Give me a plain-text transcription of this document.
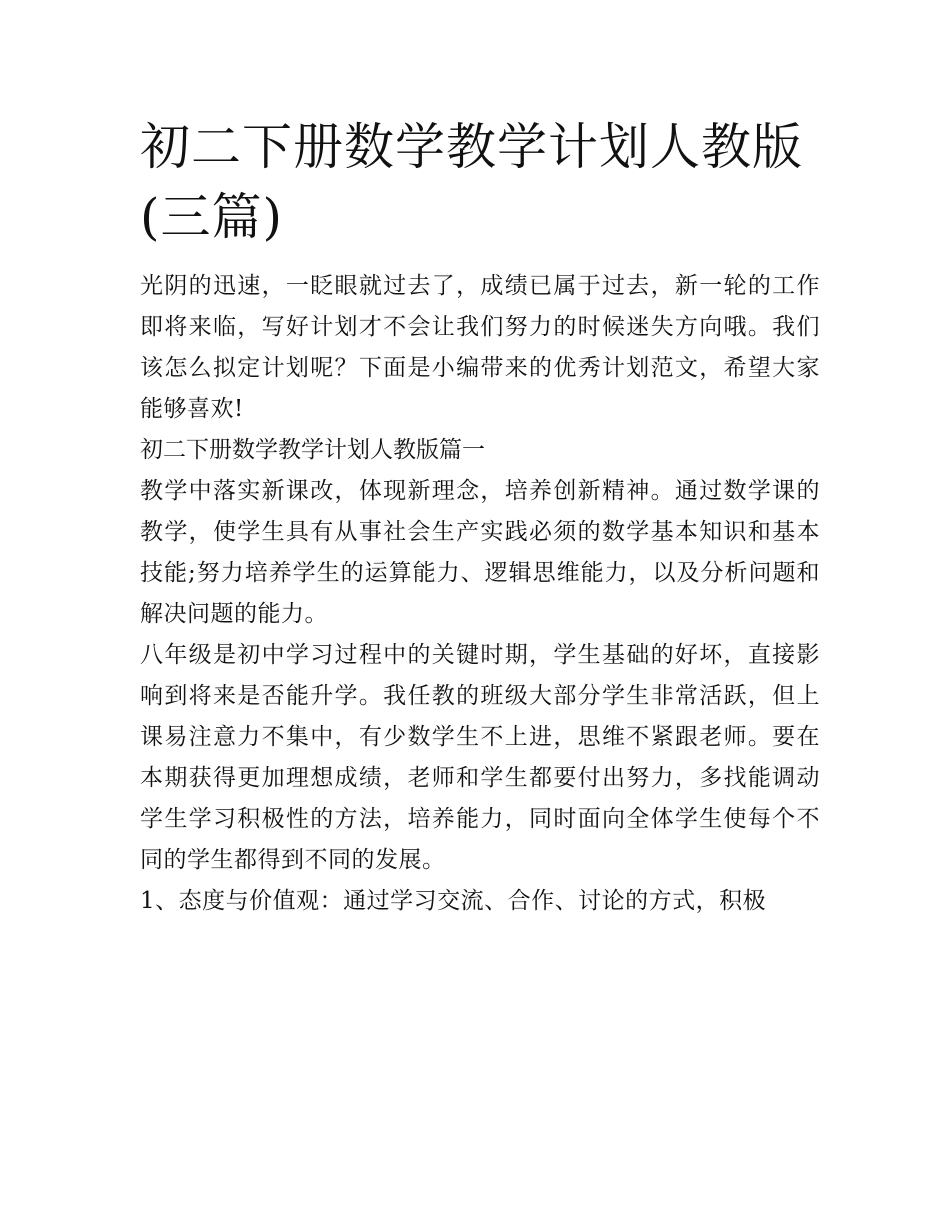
初二下册数学教学计划人教版
(三篇)

光阴的迅速，一眨眼就过去了，成绩已属于过去，新一轮的工作即将来临，写好计划才不会让我们努力的时候迷失方向哦。我们该怎么拟定计划呢？下面是小编带来的优秀计划范文，希望大家能够喜欢!

初二下册数学教学计划人教版篇一

教学中落实新课改，体现新理念，培养创新精神。通过数学课的教学，使学生具有从事社会生产实践必须的数学基本知识和基本技能;努力培养学生的运算能力、逻辑思维能力，以及分析问题和解决问题的能力。

八年级是初中学习过程中的关键时期，学生基础的好坏，直接影响到将来是否能升学。我任教的班级大部分学生非常活跃，但上课易注意力不集中，有少数学生不上进，思维不紧跟老师。要在本期获得更加理想成绩，老师和学生都要付出努力，多找能调动学生学习积极性的方法，培养能力，同时面向全体学生使每个不同的学生都得到不同的发展。

1、态度与价值观：通过学习交流、合作、讨论的方式，积极
